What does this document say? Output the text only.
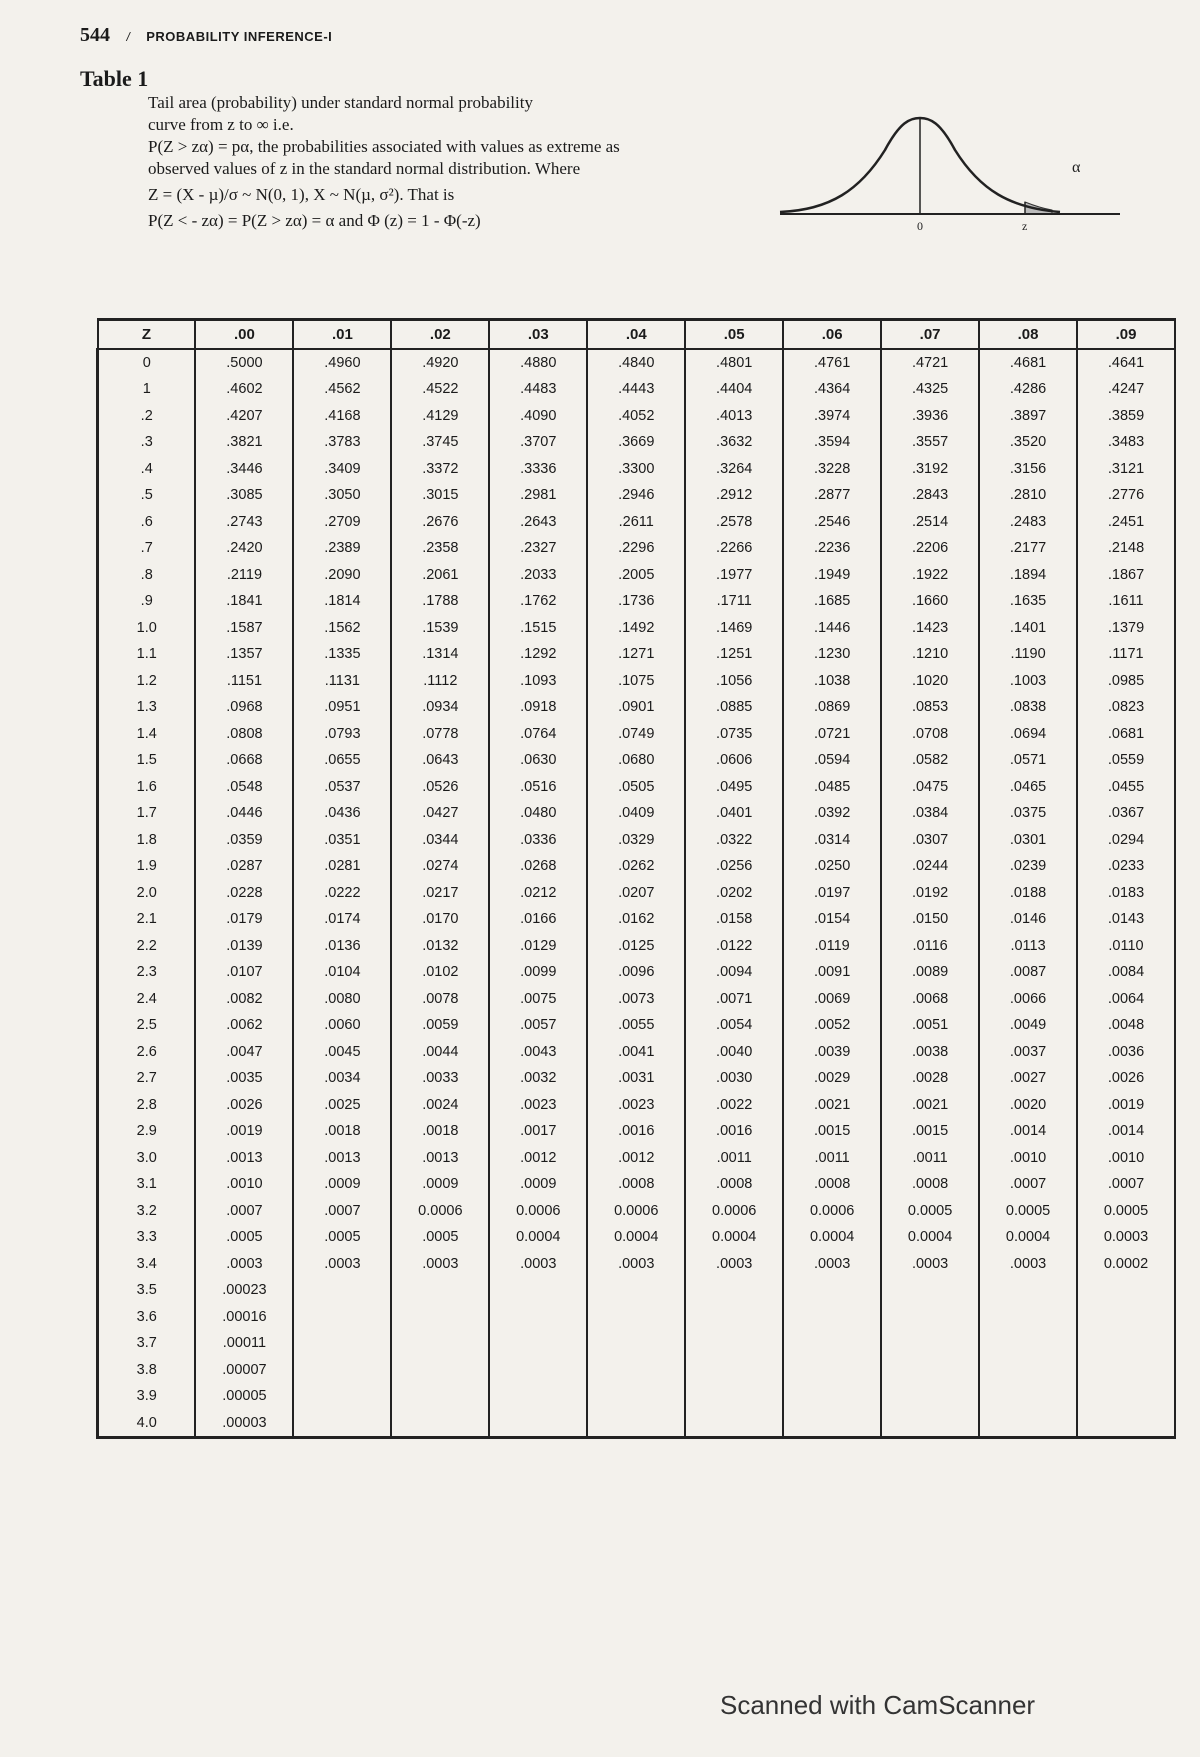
544 / PROBABILITY INFERENCE-I
Table 1
Tail area (probability) under standard normal probability
curve from z to ∞ i.e.
P(Z > zα) = pα, the probabilities associated with values as extreme as
observed values of z in the standard normal distribution. Where
Z = (X - µ)/σ ~ N(0, 1), X ~ N(µ, σ²). That is
P(Z < - zα) = P(Z > zα) = α and Φ (z) = 1 - Φ(-z)
α
z
0
Z	.00	.01	.02	.03	.04	.05	.06	.07	.08	.09
0	.5000	.4960	.4920	.4880	.4840	.4801	.4761	.4721	.4681	.4641
1	.4602	.4562	.4522	.4483	.4443	.4404	.4364	.4325	.4286	.4247
.2	.4207	.4168	.4129	.4090	.4052	.4013	.3974	.3936	.3897	.3859
.3	.3821	.3783	.3745	.3707	.3669	.3632	.3594	.3557	.3520	.3483
.4	.3446	.3409	.3372	.3336	.3300	.3264	.3228	.3192	.3156	.3121
.5	.3085	.3050	.3015	.2981	.2946	.2912	.2877	.2843	.2810	.2776
.6	.2743	.2709	.2676	.2643	.2611	.2578	.2546	.2514	.2483	.2451
.7	.2420	.2389	.2358	.2327	.2296	.2266	.2236	.2206	.2177	.2148
.8	.2119	.2090	.2061	.2033	.2005	.1977	.1949	.1922	.1894	.1867
.9	.1841	.1814	.1788	.1762	.1736	.1711	.1685	.1660	.1635	.1611
1.0	.1587	.1562	.1539	.1515	.1492	.1469	.1446	.1423	.1401	.1379
1.1	.1357	.1335	.1314	.1292	.1271	.1251	.1230	.1210	.1190	.1171
1.2	.1151	.1131	.1112	.1093	.1075	.1056	.1038	.1020	.1003	.0985
1.3	.0968	.0951	.0934	.0918	.0901	.0885	.0869	.0853	.0838	.0823
1.4	.0808	.0793	.0778	.0764	.0749	.0735	.0721	.0708	.0694	.0681
1.5	.0668	.0655	.0643	.0630	.0680	.0606	.0594	.0582	.0571	.0559
1.6	.0548	.0537	.0526	.0516	.0505	.0495	.0485	.0475	.0465	.0455
1.7	.0446	.0436	.0427	.0480	.0409	.0401	.0392	.0384	.0375	.0367
1.8	.0359	.0351	.0344	.0336	.0329	.0322	.0314	.0307	.0301	.0294
1.9	.0287	.0281	.0274	.0268	.0262	.0256	.0250	.0244	.0239	.0233
2.0	.0228	.0222	.0217	.0212	.0207	.0202	.0197	.0192	.0188	.0183
2.1	.0179	.0174	.0170	.0166	.0162	.0158	.0154	.0150	.0146	.0143
2.2	.0139	.0136	.0132	.0129	.0125	.0122	.0119	.0116	.0113	.0110
2.3	.0107	.0104	.0102	.0099	.0096	.0094	.0091	.0089	.0087	.0084
2.4	.0082	.0080	.0078	.0075	.0073	.0071	.0069	.0068	.0066	.0064
2.5	.0062	.0060	.0059	.0057	.0055	.0054	.0052	.0051	.0049	.0048
2.6	.0047	.0045	.0044	.0043	.0041	.0040	.0039	.0038	.0037	.0036
2.7	.0035	.0034	.0033	.0032	.0031	.0030	.0029	.0028	.0027	.0026
2.8	.0026	.0025	.0024	.0023	.0023	.0022	.0021	.0021	.0020	.0019
2.9	.0019	.0018	.0018	.0017	.0016	.0016	.0015	.0015	.0014	.0014
3.0	.0013	.0013	.0013	.0012	.0012	.0011	.0011	.0011	.0010	.0010
3.1	.0010	.0009	.0009	.0009	.0008	.0008	.0008	.0008	.0007	.0007
3.2	.0007	.0007	0.0006	0.0006	0.0006	0.0006	0.0006	0.0005	0.0005	0.0005
3.3	.0005	.0005	.0005	0.0004	0.0004	0.0004	0.0004	0.0004	0.0004	0.0003
3.4	.0003	.0003	.0003	.0003	.0003	.0003	.0003	.0003	.0003	0.0002
3.5	.00023									
3.6	.00016									
3.7	.00011									
3.8	.00007									
3.9	.00005									
4.0	.00003									
Scanned with CamScanner
